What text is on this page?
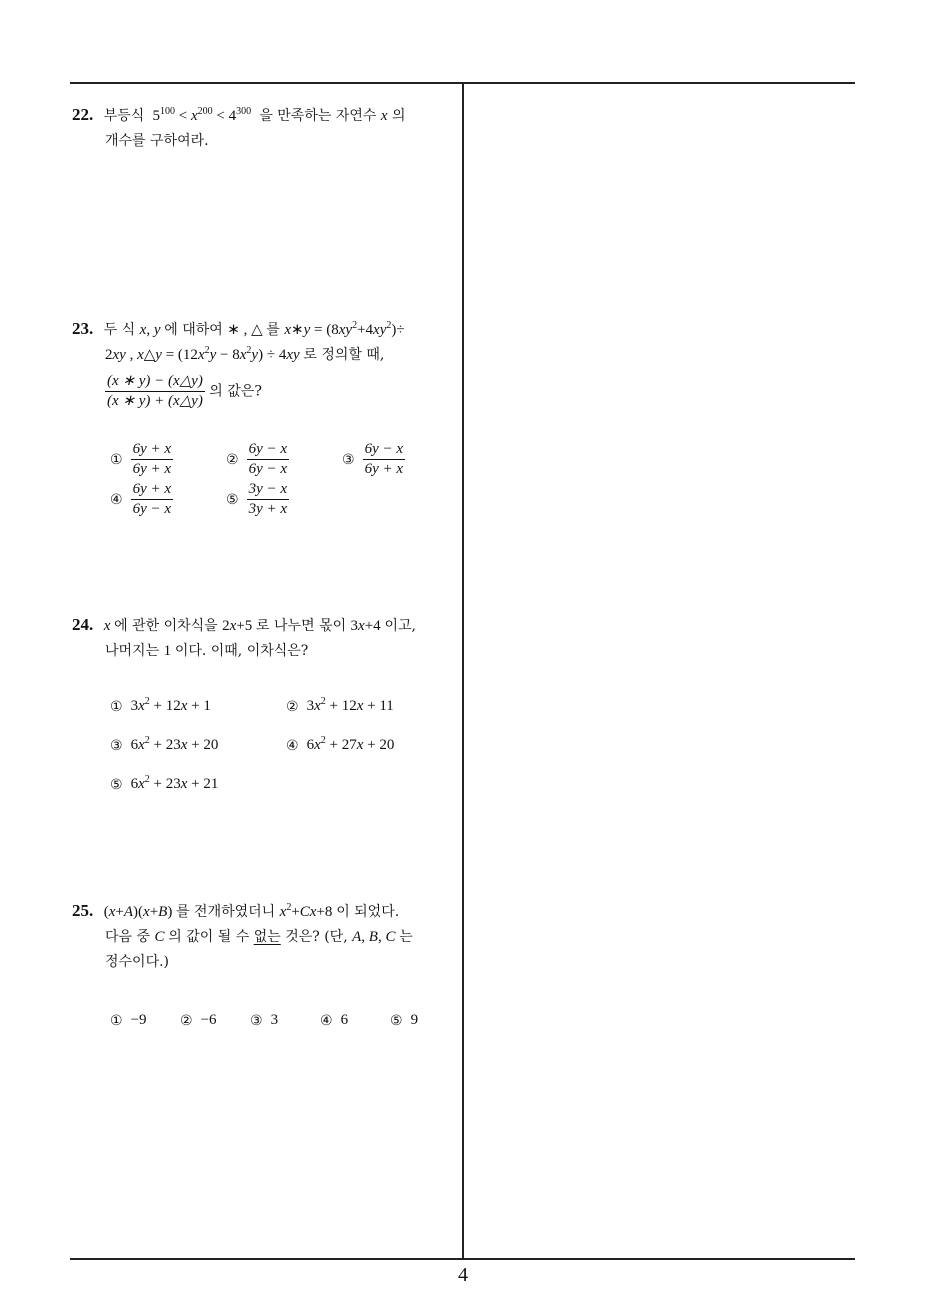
22. 부등식  $5^{100} < x^{200} < 4^{300}$ 을 만족하는 자연수 x 의
개수를 구하여라.
23. 두 식 x, y 에 대하여 ∗ , △ 를 x∗y = $(8xy^2+4xy^2)\div$
2xy , x△y = $(12x^2y - 8x^2y) \div 4xy$ 로 정의할 때,
$\frac{(x ∗ y) - (x\triangle y)}{(x ∗ y) + (x\triangle y)}$ 의 값은?
① $\frac{6y + x}{6y + x}$	② $\frac{6y - x}{6y - x}$	③ $\frac{6y - x}{6y + x}$
④ $\frac{6y + x}{6y - x}$	⑤ $\frac{3y - x}{3y + x}$
24. x 에 관한 이차식을 2x+5 로 나누면 몫이 3x+4 이고,
나머지는 1 이다. 이때, 이차식은?
① $3x^2 + 12x + 1$	② $3x^2 + 12x + 11$
③ $6x^2 + 23x + 20$	④ $6x^2 + 27x + 20$
⑤ $6x^2 + 23x + 21$
25. (x+A)(x+B) 를 전개하였더니 $x^2+Cx+8$ 이 되었다.
다음 중 C 의 값이 될 수 없는 것은? (단, A, B, C 는
정수이다.)
① −9 ② −6 ③ 3	④ 6	⑤ 9
4
